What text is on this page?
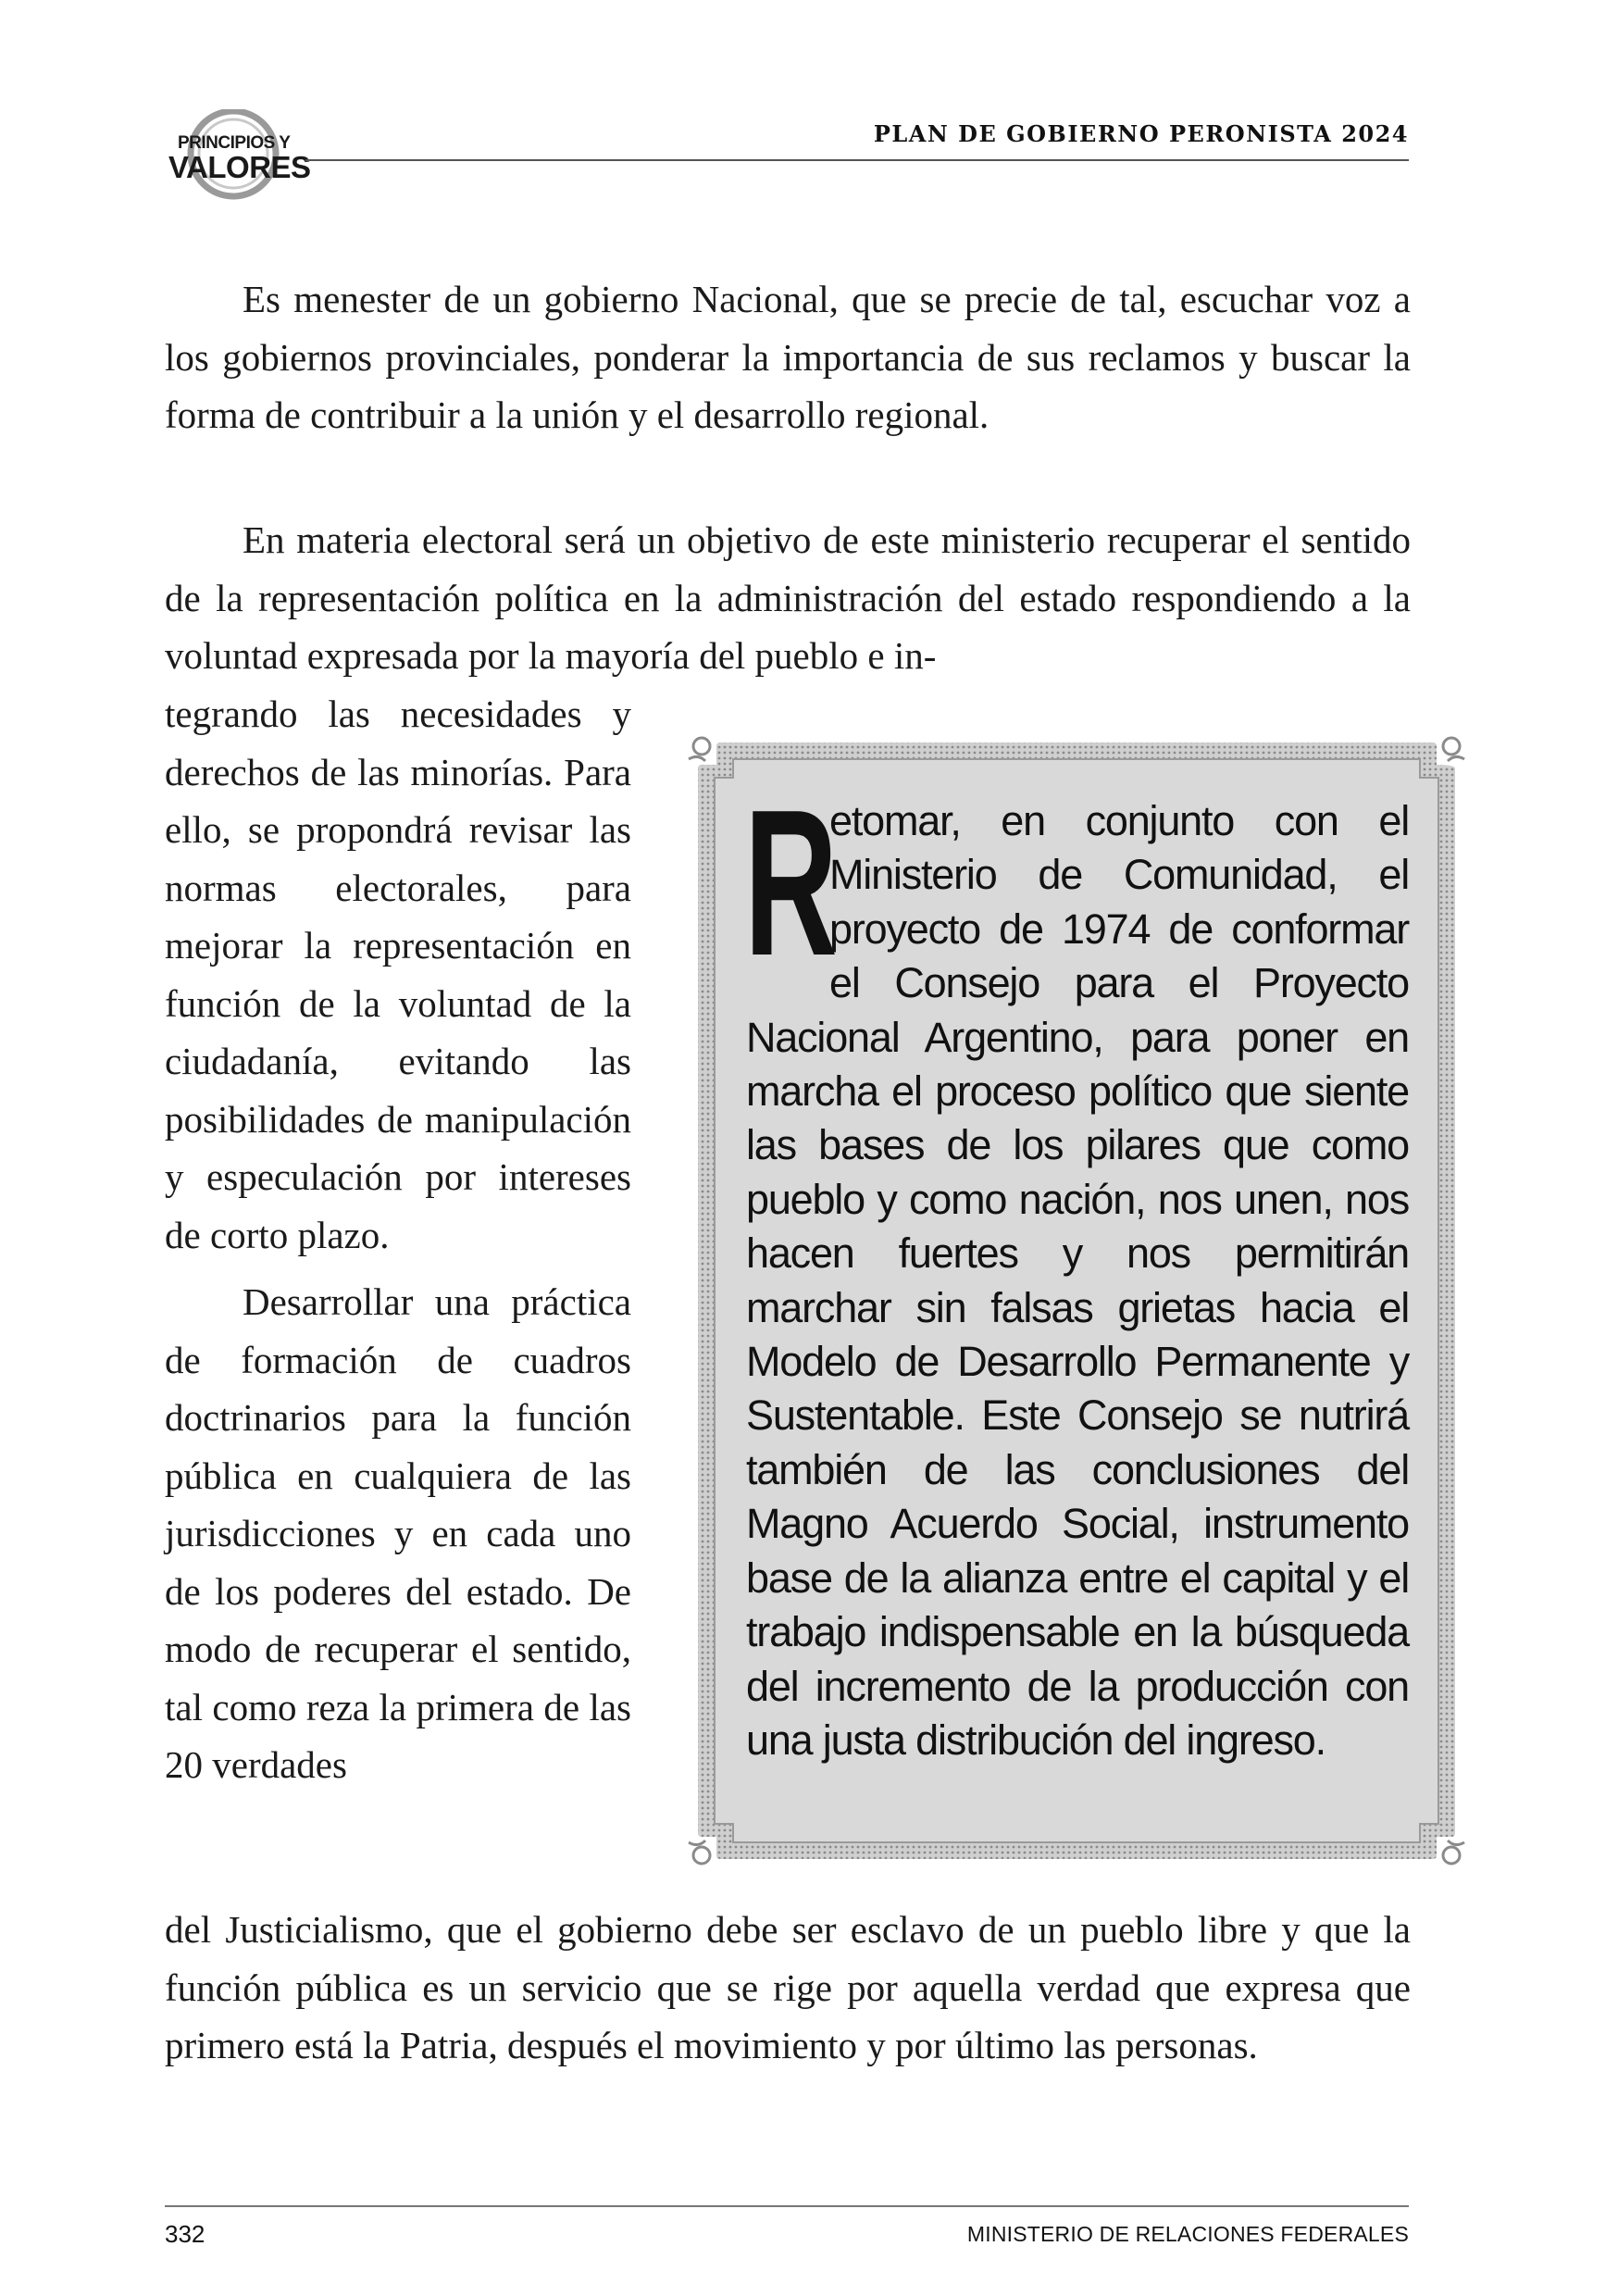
PRINCIPIOS Y
VALORES
PLAN DE GOBIERNO PERONISTA 2024

Es menester de un gobierno Nacional, que se precie de tal, escuchar voz a los gobiernos provinciales, ponderar la importancia de sus reclamos y buscar la forma de contribuir a la unión y el desarrollo regional.

En materia electoral será un objetivo de este ministerio recuperar el sentido de la representación política en la administración del estado respondiendo a la voluntad expresada por la mayoría del pueblo e in-

tegrando las necesidades y derechos de las minorías. Para ello, se propondrá revisar las normas electorales, para mejorar la representación en función de la voluntad de la ciudadanía, evitando las posibilidades de manipulación y especulación por intereses de corto plazo.

Desarrollar una práctica de formación de cuadros doctrinarios para la función pública en cualquiera de las jurisdicciones y en cada uno de los poderes del estado. De modo de recuperar el sentido, tal como reza la primera de las 20 verdades

R
etomar, en conjunto con el Ministerio de Comunidad, el proyecto de 1974 de conformar el Consejo para el Proyecto Nacional Argentino, para poner en marcha el proceso político que siente las bases de los pilares que como pueblo y como nación, nos unen, nos hacen fuertes y nos permitirán marchar sin falsas grietas hacia el Modelo de Desarrollo Permanente y Sustentable. Este Consejo se nutrirá también de las conclusiones del Magno Acuerdo Social, instrumento base de la alianza entre el capital y el trabajo indispensable en la búsqueda del incremento de la producción con una justa distribución del ingreso.

del Justicialismo, que el gobierno debe ser esclavo de un pueblo libre y que la función pública es un servicio que se rige por aquella verdad que expresa que primero está la Patria, después el movimiento y por último las personas.

332	MINISTERIO DE RELACIONES FEDERALES
